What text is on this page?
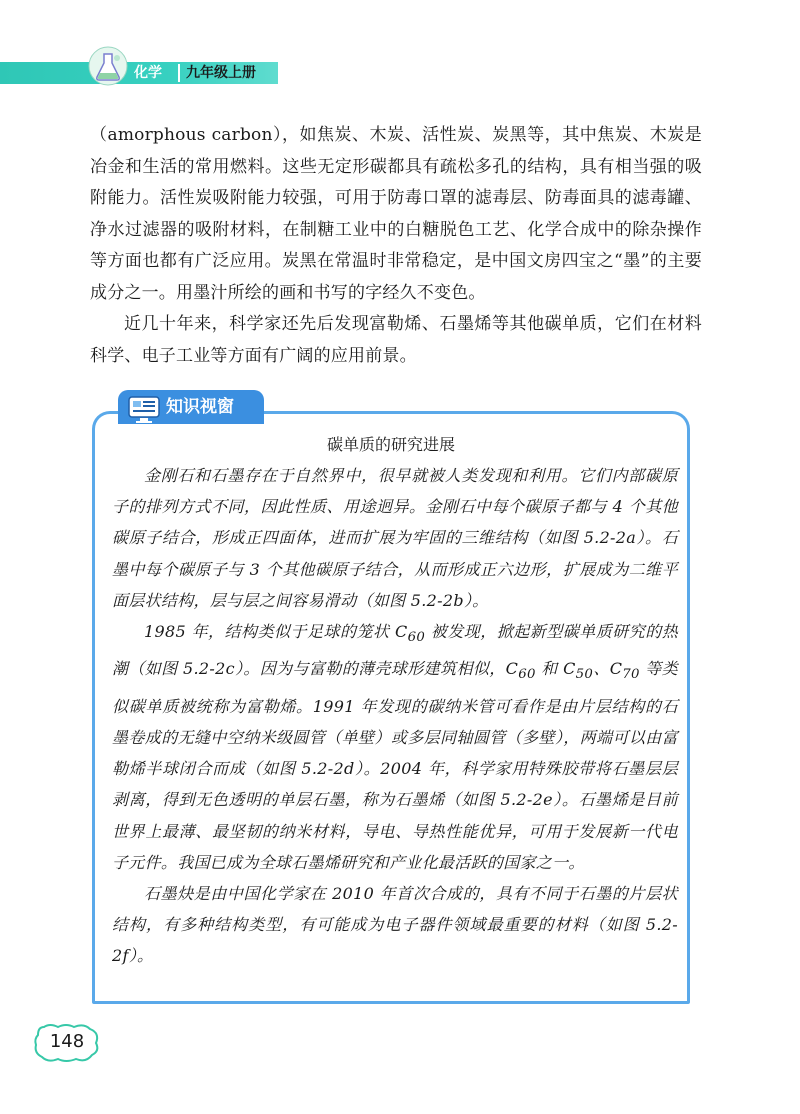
化学	九年级上册

（amorphous carbon），如焦炭、木炭、活性炭、炭黑等，其中焦炭、木炭是冶金和生活的常用燃料。这些无定形碳都具有疏松多孔的结构，具有相当强的吸附能力。活性炭吸附能力较强，可用于防毒口罩的滤毒层、防毒面具的滤毒罐、净水过滤器的吸附材料，在制糖工业中的白糖脱色工艺、化学合成中的除杂操作等方面也都有广泛应用。炭黑在常温时非常稳定，是中国文房四宝之“墨”的主要成分之一。用墨汁所绘的画和书写的字经久不变色。

近几十年来，科学家还先后发现富勒烯、石墨烯等其他碳单质，它们在材料科学、电子工业等方面有广阔的应用前景。

知识视窗
碳单质的研究进展

金刚石和石墨存在于自然界中，很早就被人类发现和利用。它们内部碳原子的排列方式不同，因此性质、用途迥异。金刚石中每个碳原子都与 4 个其他碳原子结合，形成正四面体，进而扩展为牢固的三维结构（如图 5.2-2a）。石墨中每个碳原子与 3 个其他碳原子结合，从而形成正六边形，扩展成为二维平面层状结构，层与层之间容易滑动（如图 5.2-2b）。

1985 年，结构类似于足球的笼状 $C_{60}$ 被发现，掀起新型碳单质研究的热潮（如图 5.2-2c）。因为与富勒的薄壳球形建筑相似，$C_{60}$ 和 $C_{50}$、$C_{70}$ 等类似碳单质被统称为富勒烯。1991 年发现的碳纳米管可看作是由片层结构的石墨卷成的无缝中空纳米级圆管（单壁）或多层同轴圆管（多壁），两端可以由富勒烯半球闭合而成（如图 5.2-2d）。2004 年，科学家用特殊胶带将石墨层层剥离，得到无色透明的单层石墨，称为石墨烯（如图 5.2-2e）。石墨烯是目前世界上最薄、最坚韧的纳米材料，导电、导热性能优异，可用于发展新一代电子元件。我国已成为全球石墨烯研究和产业化最活跃的国家之一。

石墨炔是由中国化学家在 2010 年首次合成的，具有不同于石墨的片层状结构，有多种结构类型，有可能成为电子器件领域最重要的材料（如图 5.2-2f）。

148
